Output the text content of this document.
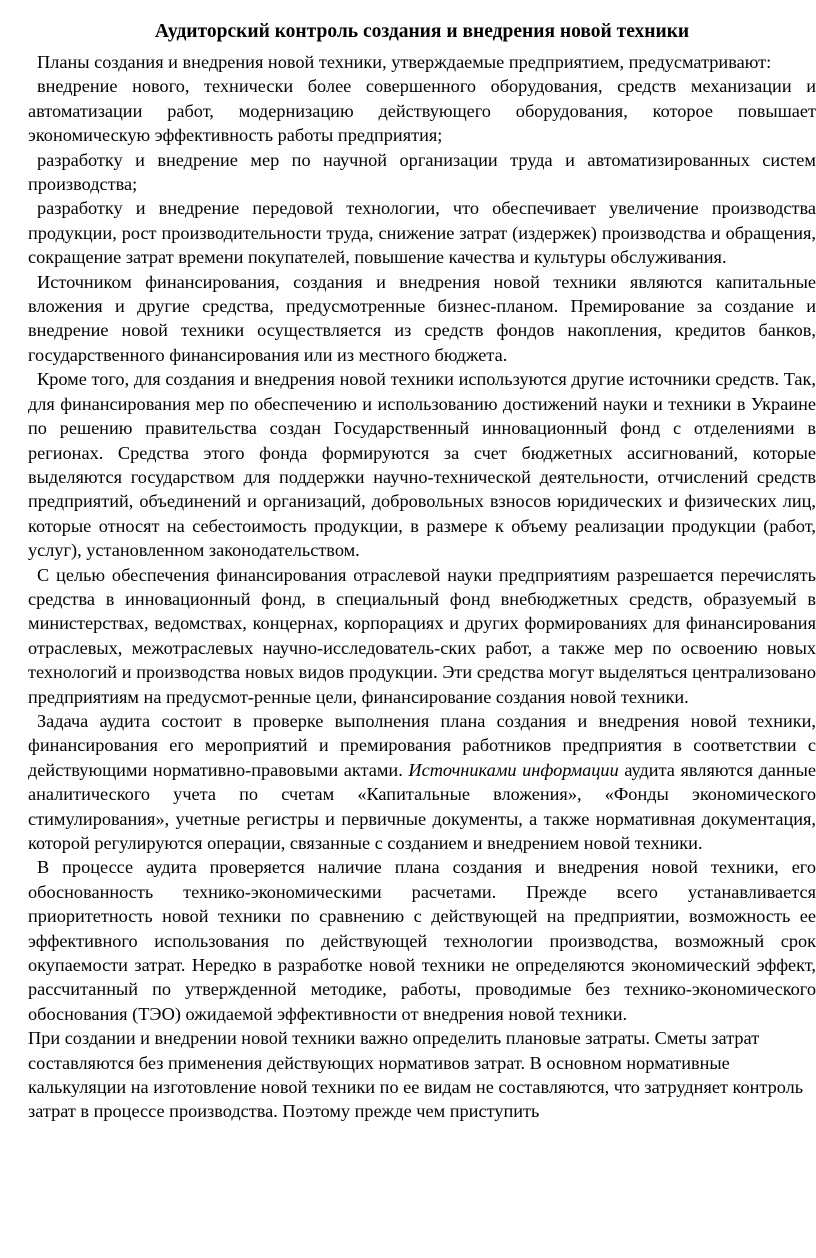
Аудиторский контроль создания и внедрения новой техники

Планы создания и внедрения новой техники, утверждаемые предприятием, предусматривают:

внедрение нового, технически более совершенного оборудования, средств механизации и автоматизации работ, модернизацию действующего оборудования, которое повышает экономическую эффективность работы предприятия;

разработку и внедрение мер по научной организации труда и автоматизированных систем производства;

разработку и внедрение передовой технологии, что обеспечивает увеличение производства продукции, рост производительности труда, снижение затрат (издержек) производства и обращения, сокращение затрат времени покупателей, повышение качества и культуры обслуживания.

Источником финансирования, создания и внедрения новой техники являются капитальные вложения и другие средства, предусмотренные бизнес-планом. Премирование за создание и внедрение новой техники осуществляется из средств фондов накопления, кредитов банков, государственного финансирования или из местного бюджета.

Кроме того, для создания и внедрения новой техники используются другие источники средств. Так, для финансирования мер по обеспечению и использованию достижений науки и техники в Украине по решению правительства создан Государственный инновационный фонд с отделениями в регионах. Средства этого фонда формируются за счет бюджетных ассигнований, которые выделяются государством для поддержки научно-технической деятельности, отчислений средств предприятий, объединений и организаций, добровольных взносов юридических и физических лиц, которые относят на себестоимость продукции, в размере к объему реализации продукции (работ, услуг), установленном законодательством.

С целью обеспечения финансирования отраслевой науки предприятиям разрешается перечислять средства в инновационный фонд, в специальный фонд внебюджетных средств, образуемый в министерствах, ведомствах, концернах, корпорациях и других формированиях для финансирования отраслевых, межотраслевых научно-исследователь-ских работ, а также мер по освоению новых технологий и производства новых видов продукции. Эти средства могут выделяться централизовано предприятиям на предусмот-ренные цели, финансирование создания новой техники.

Задача аудита состоит в проверке выполнения плана создания и внедрения новой техники, финансирования его мероприятий и премирования работников предприятия в соответствии с действующими нормативно-правовыми актами. Источниками информации аудита являются данные аналитического учета по счетам «Капитальные вложения», «Фонды экономического стимулирования», учетные регистры и первичные документы, а также нормативная документация, которой регулируются операции, связанные с созданием и внедрением новой техники.

В процессе аудита проверяется наличие плана создания и внедрения новой техники, его обоснованность технико-экономическими расчетами. Прежде всего устанавливается приоритетность новой техники по сравнению с действующей на предприятии, возможность ее эффективного использования по действующей технологии производства, возможный срок окупаемости затрат. Нередко в разработке новой техники не определяются экономический эффект, рассчитанный по утвержденной методике, работы, проводимые без технико-экономического обоснования (ТЭО) ожидаемой эффективности от внедрения новой техники.

При создании и внедрении новой техники важно определить плановые затраты. Сметы затрат составляются без применения действующих нормативов затрат. В основном нормативные калькуляции на изготовление новой техники по ее видам не составляются, что затрудняет контроль затрат в процессе производства. Поэтому прежде чем приступить
